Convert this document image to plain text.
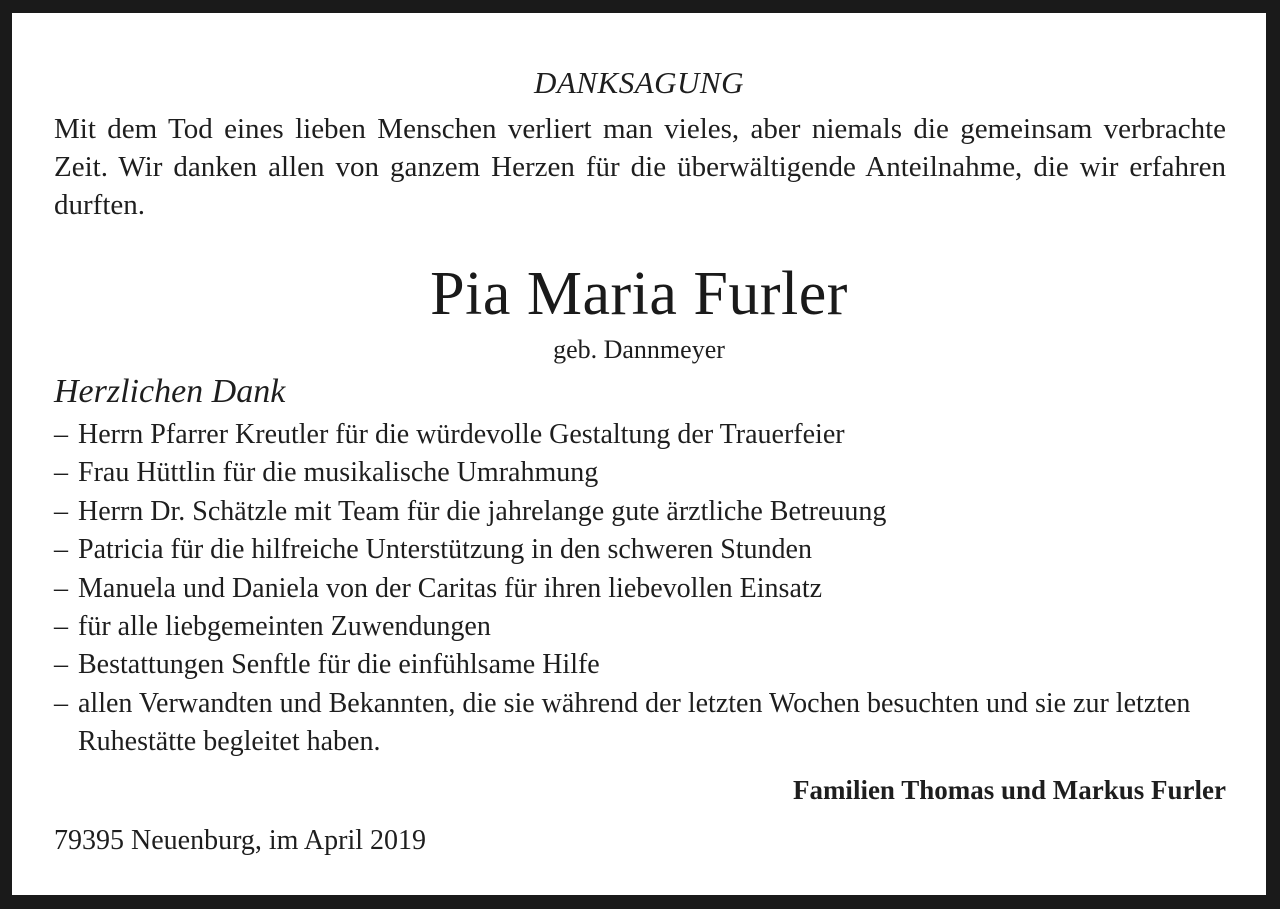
DANKSAGUNG
Mit dem Tod eines lieben Menschen verliert man vieles, aber niemals die gemeinsam verbrachte Zeit. Wir danken allen von ganzem Herzen für die überwältigende Anteilnahme, die wir erfahren durften.
Pia Maria Furler
geb. Dannmeyer
Herzlichen Dank
– Herrn Pfarrer Kreutler für die würdevolle Gestaltung der Trauerfeier
– Frau Hüttlin für die musikalische Umrahmung
– Herrn Dr. Schätzle mit Team für die jahrelange gute ärztliche Betreuung
– Patricia für die hilfreiche Unterstützung in den schweren Stunden
– Manuela und Daniela von der Caritas für ihren liebevollen Einsatz
– für alle liebgemeinten Zuwendungen
– Bestattungen Senftle für die einfühlsame Hilfe
– allen Verwandten und Bekannten, die sie während der letzten Wochen besuchten und sie zur letzten Ruhestätte begleitet haben.
Familien Thomas und Markus Furler
79395 Neuenburg, im April 2019
